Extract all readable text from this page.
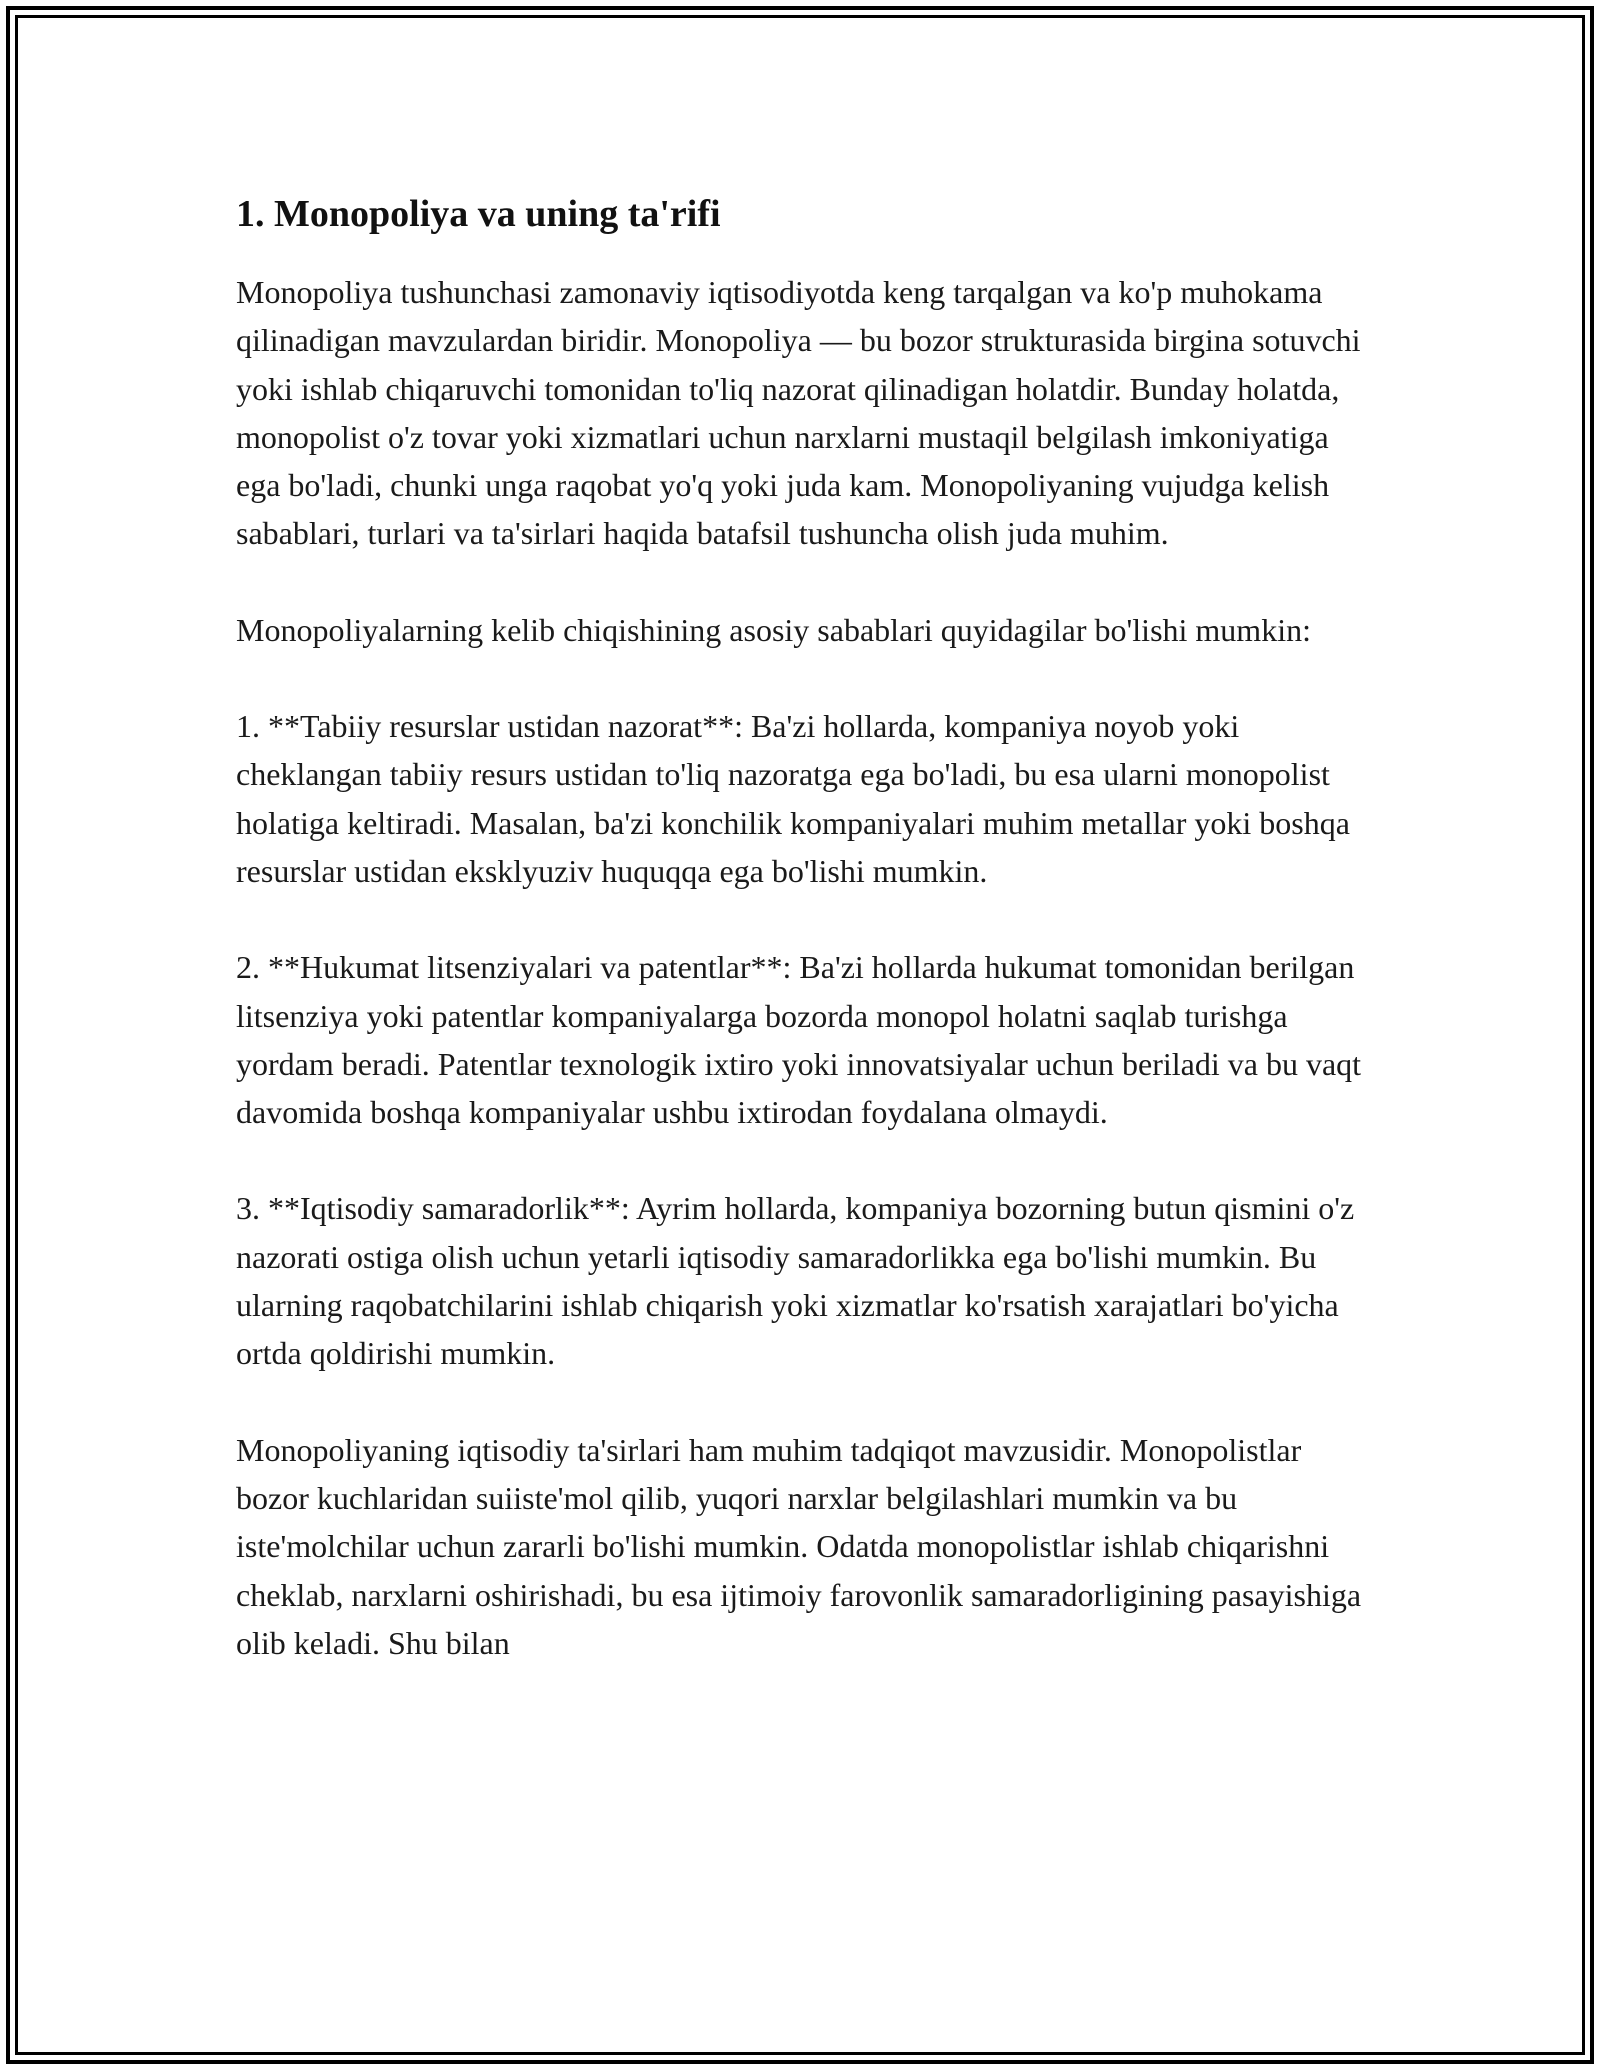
1. Monopoliya va uning ta'rifi

Monopoliya tushunchasi zamonaviy iqtisodiyotda keng tarqalgan va ko'p muhokama qilinadigan mavzulardan biridir. Monopoliya — bu bozor strukturasida birgina sotuvchi yoki ishlab chiqaruvchi tomonidan to'liq nazorat qilinadigan holatdir. Bunday holatda, monopolist o'z tovar yoki xizmatlari uchun narxlarni mustaqil belgilash imkoniyatiga ega bo'ladi, chunki unga raqobat yo'q yoki juda kam. Monopoliyaning vujudga kelish sabablari, turlari va ta'sirlari haqida batafsil tushuncha olish juda muhim.

Monopoliyalarning kelib chiqishining asosiy sabablari quyidagilar bo'lishi mumkin:

1. **Tabiiy resurslar ustidan nazorat**: Ba'zi hollarda, kompaniya noyob yoki cheklangan tabiiy resurs ustidan to'liq nazoratga ega bo'ladi, bu esa ularni monopolist holatiga keltiradi. Masalan, ba'zi konchilik kompaniyalari muhim metallar yoki boshqa resurslar ustidan eksklyuziv huquqqa ega bo'lishi mumkin.

2. **Hukumat litsenziyalari va patentlar**: Ba'zi hollarda hukumat tomonidan berilgan litsenziya yoki patentlar kompaniyalarga bozorda monopol holatni saqlab turishga yordam beradi. Patentlar texnologik ixtiro yoki innovatsiyalar uchun beriladi va bu vaqt davomida boshqa kompaniyalar ushbu ixtirodan foydalana olmaydi.

3. **Iqtisodiy samaradorlik**: Ayrim hollarda, kompaniya bozorning butun qismini o'z nazorati ostiga olish uchun yetarli iqtisodiy samaradorlikka ega bo'lishi mumkin. Bu ularning raqobatchilarini ishlab chiqarish yoki xizmatlar ko'rsatish xarajatlari bo'yicha ortda qoldirishi mumkin.

Monopoliyaning iqtisodiy ta'sirlari ham muhim tadqiqot mavzusidir. Monopolistlar bozor kuchlaridan suiiste'mol qilib, yuqori narxlar belgilashlari mumkin va bu iste'molchilar uchun zararli bo'lishi mumkin. Odatda monopolistlar ishlab chiqarishni cheklab, narxlarni oshirishadi, bu esa ijtimoiy farovonlik samaradorligining pasayishiga olib keladi. Shu bilan
